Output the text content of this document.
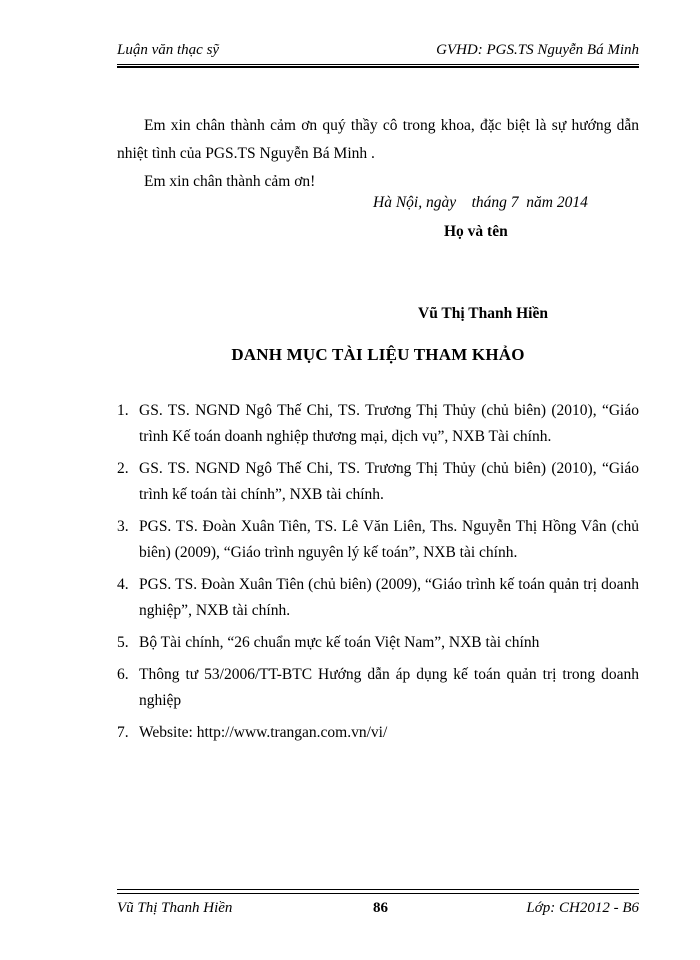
Luận văn thạc sỹ	GVHD: PGS.TS Nguyễn Bá Minh

Em xin chân thành cảm ơn quý thầy cô trong khoa, đặc biệt là sự hướng dẫn nhiệt tình của PGS.TS Nguyễn Bá Minh .

Em xin chân thành cảm ơn!

Hà Nội, ngày    tháng 7  năm 2014
Họ và tên
Vũ Thị Thanh Hiền
DANH MỤC TÀI LIỆU THAM KHẢO
1. GS. TS. NGND Ngô Thế Chi, TS. Trương Thị Thủy (chủ biên) (2010), “Giáo trình Kế toán doanh nghiệp thương mại, dịch vụ”, NXB Tài chính.
2. GS. TS. NGND Ngô Thế Chi, TS. Trương Thị Thủy (chủ biên) (2010), “Giáo trình kế toán tài chính”, NXB tài chính.
3. PGS. TS. Đoàn Xuân Tiên, TS. Lê Văn Liên, Ths. Nguyễn Thị Hồng Vân (chủ biên) (2009), “Giáo trình nguyên lý kế toán”, NXB tài chính.
4. PGS. TS. Đoàn Xuân Tiên (chủ biên) (2009), “Giáo trình kế toán quản trị doanh nghiệp”, NXB tài chính.
5. Bộ Tài chính, “26 chuẩn mực kế toán Việt Nam”, NXB tài chính
6. Thông tư 53/2006/TT-BTC Hướng dẫn áp dụng kế toán quản trị trong doanh nghiệp
7. Website: http://www.trangan.com.vn/vi/
Vũ Thị Thanh Hiền	86	Lớp: CH2012 - B6
